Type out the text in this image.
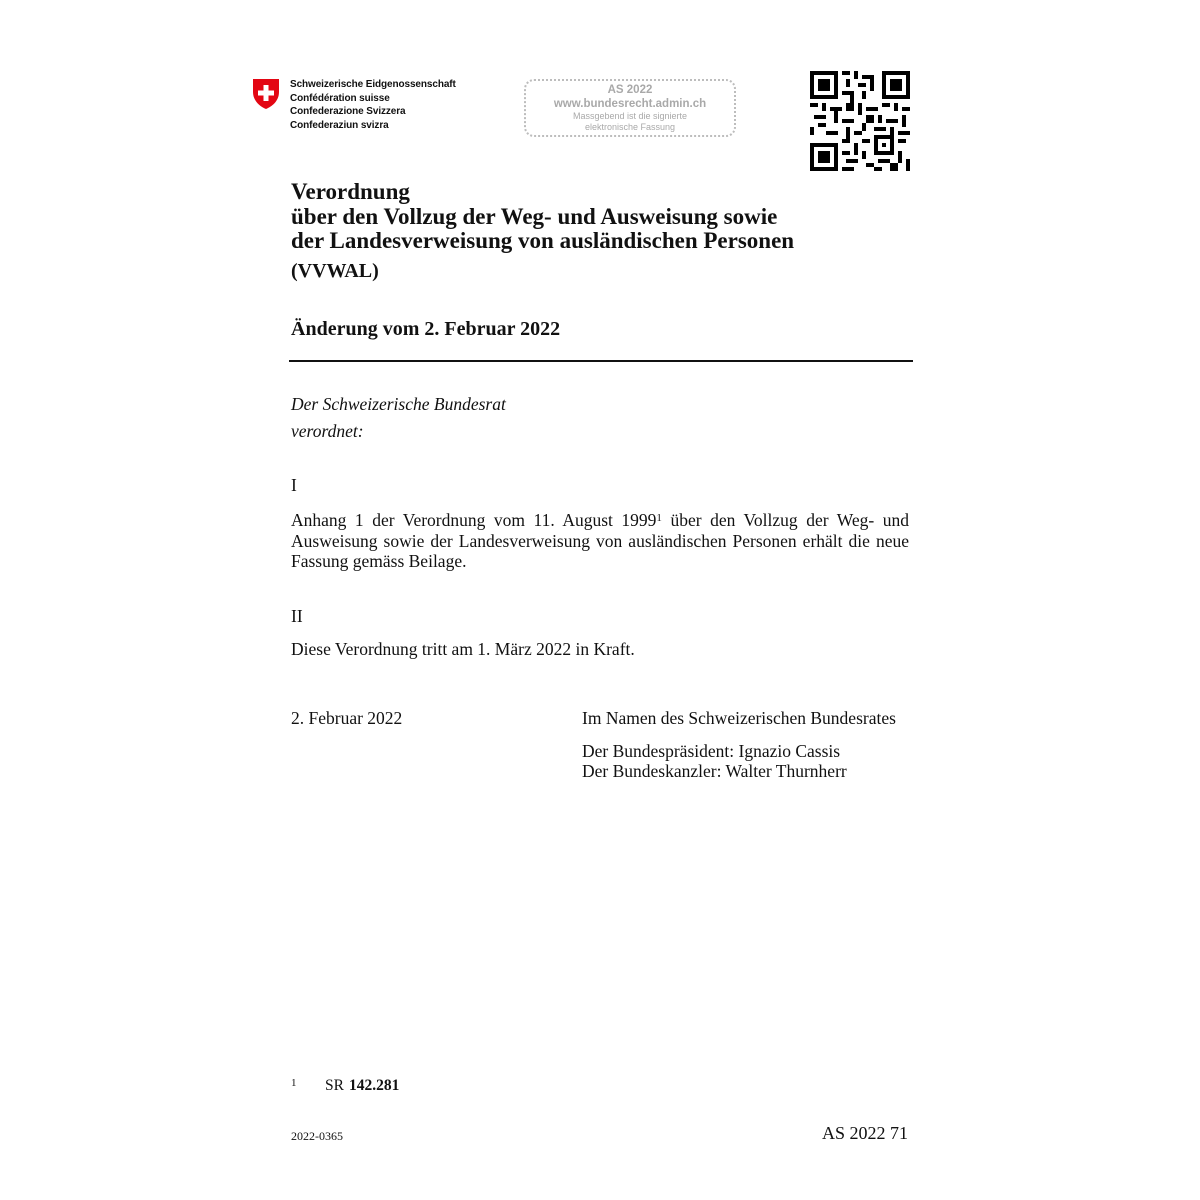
Schweizerische Eidgenossenschaft
Confédération suisse
Confederazione Svizzera
Confederaziun svizra
AS 2022
www.bundesrecht.admin.ch
Massgebend ist die signierte
elektronische Fassung
Verordnung
über den Vollzug der Weg- und Ausweisung sowie
der Landesverweisung von ausländischen Personen
(VVWAL)
Änderung vom 2. Februar 2022
Der Schweizerische Bundesrat
verordnet:
I
Anhang 1 der Verordnung vom 11. August 1999$^1$ über den Vollzug der Weg- und Ausweisung sowie der Landesverweisung von ausländischen Personen erhält die neue Fassung gemäss Beilage.
II
Diese Verordnung tritt am 1. März 2022 in Kraft.
2. Februar 2022	Im Namen des Schweizerischen Bundesrates
Der Bundespräsident: Ignazio Cassis
Der Bundeskanzler: Walter Thurnherr
1	SR 142.281
2022-0365	AS 2022 71
